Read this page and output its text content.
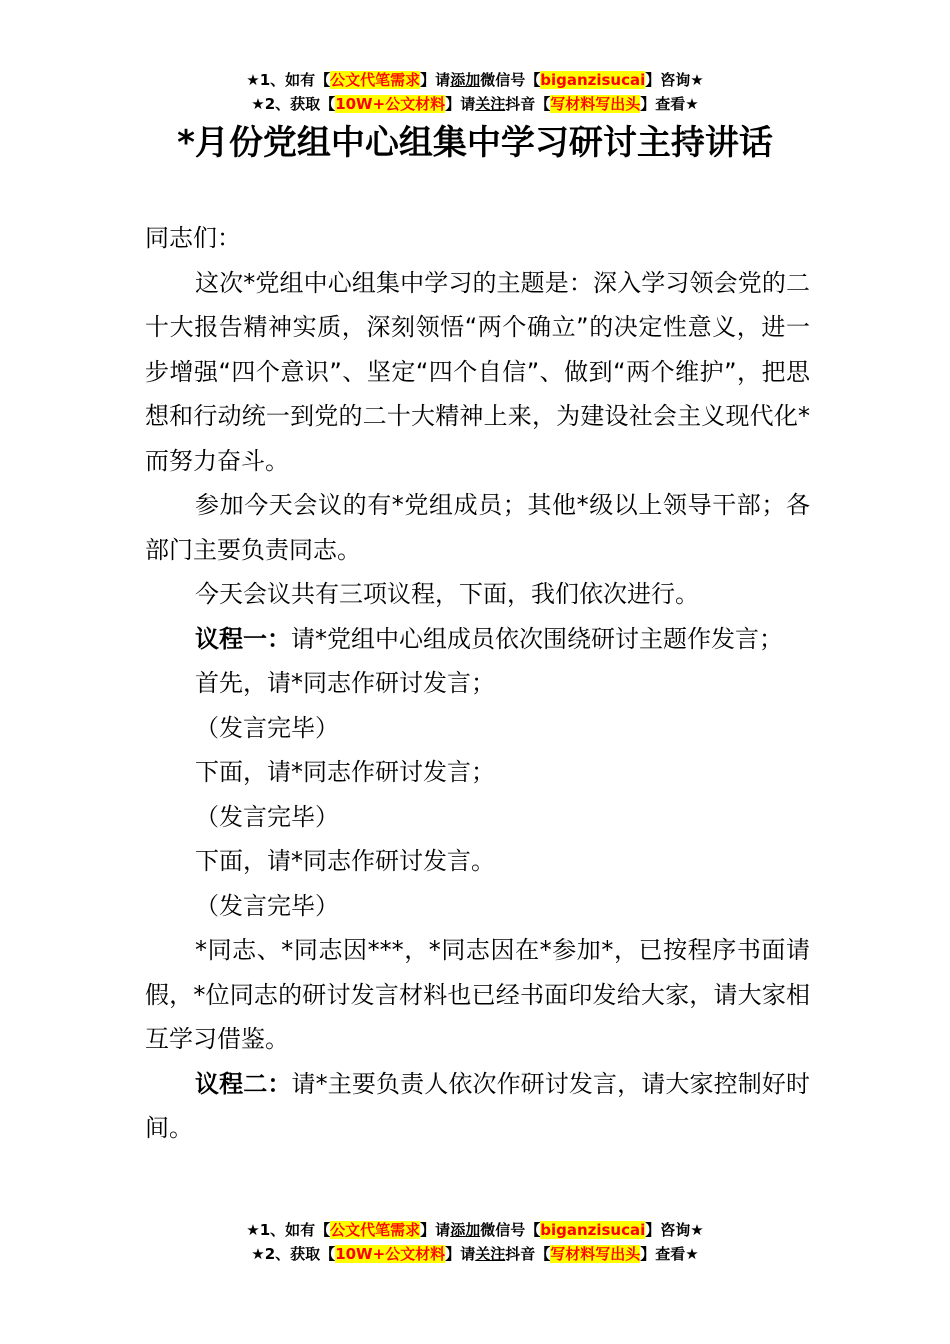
★1、如有【公文代笔需求】请添加微信号【biganzisucai】咨询★
★2、获取【10W+公文材料】请关注抖音【写材料写出头】查看★
*月份党组中心组集中学习研讨主持讲话

同志们：

这次*党组中心组集中学习的主题是：深入学习领会党的二十大报告精神实质，深刻领悟“两个确立”的决定性意义，进一步增强“四个意识”、坚定“四个自信”、做到“两个维护”，把思想和行动统一到党的二十大精神上来，为建设社会主义现代化*而努力奋斗。

参加今天会议的有*党组成员；其他*级以上领导干部；各部门主要负责同志。

今天会议共有三项议程，下面，我们依次进行。

议程一：请*党组中心组成员依次围绕研讨主题作发言；

首先，请*同志作研讨发言；

（发言完毕）

下面，请*同志作研讨发言；

（发言完毕）

下面，请*同志作研讨发言。

（发言完毕）

*同志、*同志因***，*同志因在*参加*，已按程序书面请假，*位同志的研讨发言材料也已经书面印发给大家，请大家相互学习借鉴。

议程二：请*主要负责人依次作研讨发言，请大家控制好时间。

★1、如有【公文代笔需求】请添加微信号【biganzisucai】咨询★
★2、获取【10W+公文材料】请关注抖音【写材料写出头】查看★
